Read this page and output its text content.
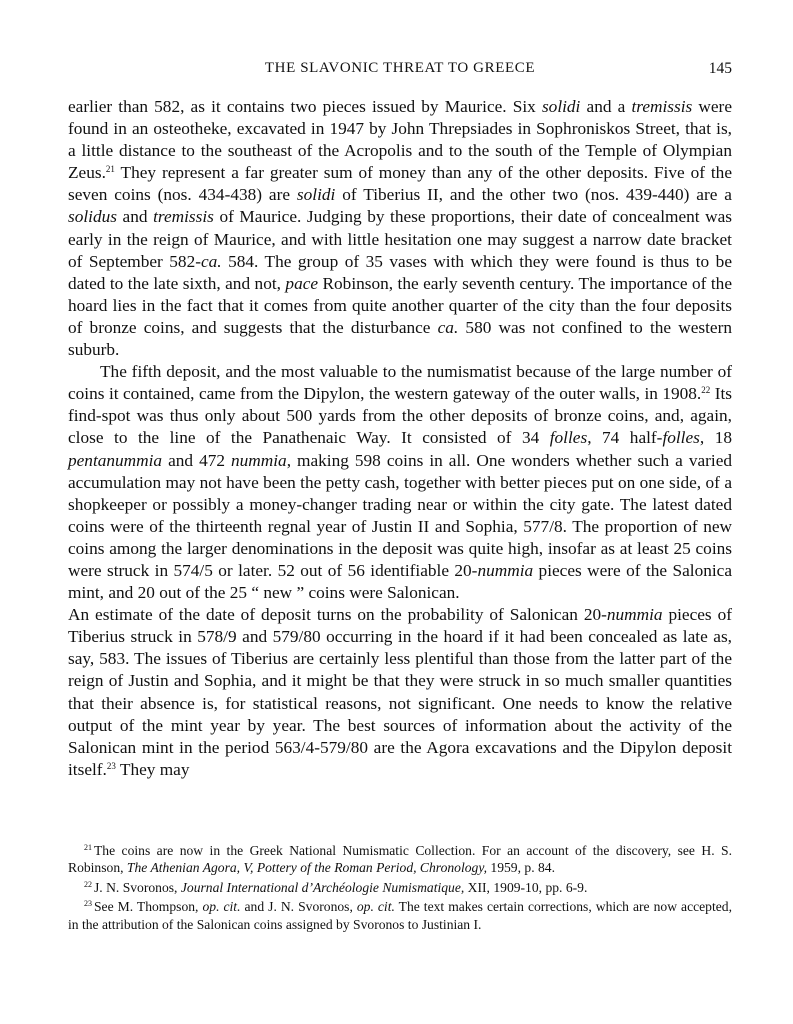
THE SLAVONIC THREAT TO GREECE	145

earlier than 582, as it contains two pieces issued by Maurice. Six solidi and a tremissis were found in an osteotheke, excavated in 1947 by John Threpsiades in Sophroniskos Street, that is, a little distance to the southeast of the Acropolis and to the south of the Temple of Olympian Zeus.$^{21}$ They represent a far greater sum of money than any of the other deposits. Five of the seven coins (nos. 434-438) are solidi of Tiberius II, and the other two (nos. 439-440) are a solidus and tremissis of Maurice. Judging by these proportions, their date of concealment was early in the reign of Maurice, and with little hesitation one may suggest a narrow date bracket of September 582-ca. 584. The group of 35 vases with which they were found is thus to be dated to the late sixth, and not, pace Robinson, the early seventh century. The importance of the hoard lies in the fact that it comes from quite another quarter of the city than the four deposits of bronze coins, and suggests that the disturbance ca. 580 was not confined to the western suburb.

The fifth deposit, and the most valuable to the numismatist because of the large number of coins it contained, came from the Dipylon, the western gateway of the outer walls, in 1908.22 Its find-spot was thus only about 500 yards from the other deposits of bronze coins, and, again, close to the line of the Panathenaic Way. It consisted of 34 folles, 74 half-folles, 18 pentanummia and 472 nummia, making 598 coins in all. One wonders whether such a varied accumulation may not have been the petty cash, together with better pieces put on one side, of a shopkeeper or possibly a money-changer trading near or within the city gate. The latest dated coins were of the thirteenth regnal year of Justin II and Sophia, 577/8. The proportion of new coins among the larger denominations in the deposit was quite high, insofar as at least 25 coins were struck in 574/5 or later. 52 out of 56 identifiable 20-nummia pieces were of the Salonica mint, and 20 out of the 25 “ new ” coins were Salonican.

An estimate of the date of deposit turns on the probability of Salonican 20-nummia pieces of Tiberius struck in 578/9 and 579/80 occurring in the hoard if it had been concealed as late as, say, 583. The issues of Tiberius are certainly less plentiful than those from the latter part of the reign of Justin and Sophia, and it might be that they were struck in so much smaller quantities that their absence is, for statistical reasons, not significant. One needs to know the relative output of the mint year by year. The best sources of information about the activity of the Salonican mint in the period 563/4-579/80 are the Agora excavations and the Dipylon deposit itself.$^{23}$ They may

$^{21}$ The coins are now in the Greek National Numismatic Collection. For an account of the discovery, see H. S. Robinson, The Athenian Agora, V, Pottery of the Roman Period, Chronology, 1959, p. 84.

$^{22}$ J. N. Svoronos, Journal International d’Archéologie Numismatique, XII, 1909-10, pp. 6-9.

$^{23}$ See M. Thompson, op. cit. and J. N. Svoronos, op. cit. The text makes certain corrections, which are now accepted, in the attribution of the Salonican coins assigned by Svoronos to Justinian I.
